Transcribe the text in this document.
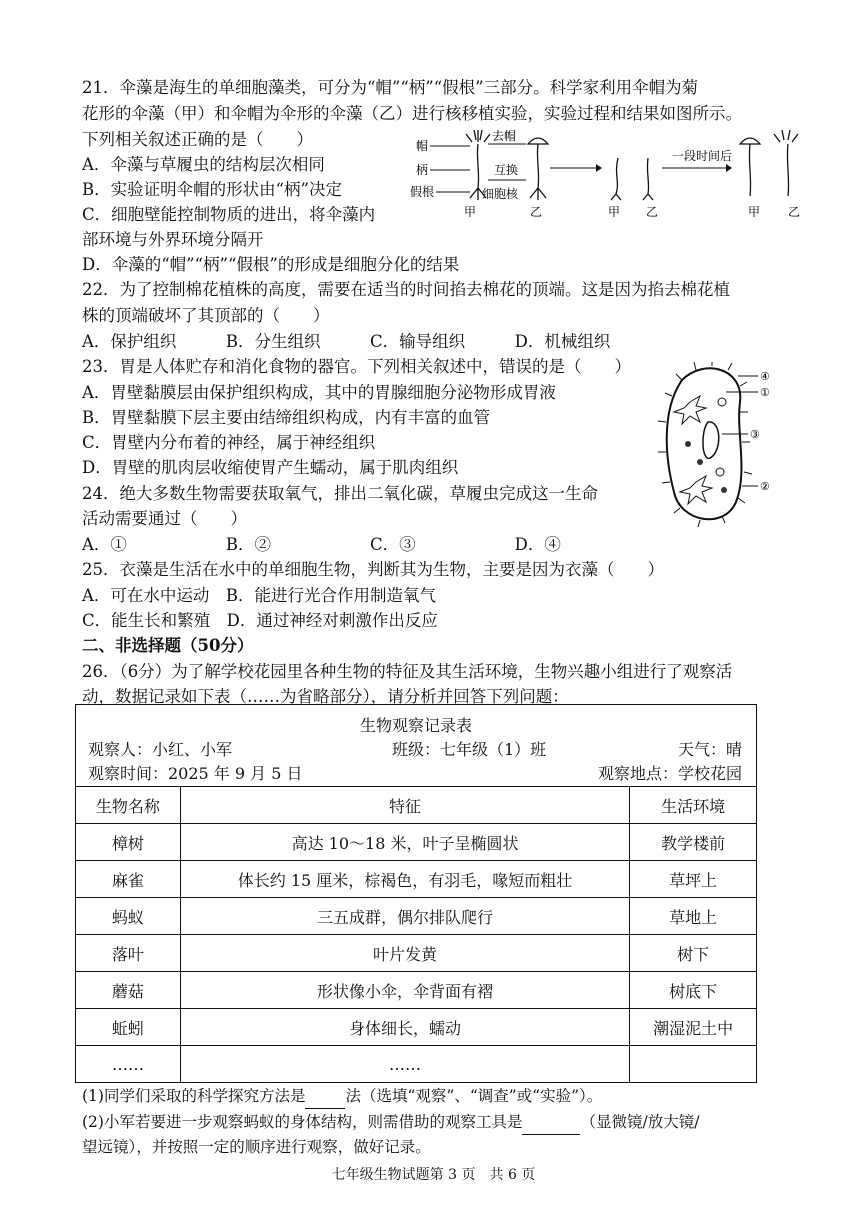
21．伞藻是海生的单细胞藻类，可分为“帽”“柄”“假根”三部分。科学家利用伞帽为菊
花形的伞藻（甲）和伞帽为伞形的伞藻（乙）进行核移植实验，实验过程和结果如图所示。
下列相关叙述正确的是（　　）
A．伞藻与草履虫的结构层次相同
B．实验证明伞帽的形状由“柄”决定
C．细胞壁能控制物质的进出，将伞藻内
部环境与外界环境分隔开
D．伞藻的“帽”“柄”“假根”的形成是细胞分化的结果
帽
柄
假根
去帽
互换
细胞核
甲	乙	甲 乙
一段时间后
甲 乙
22．为了控制棉花植株的高度，需要在适当的时间掐去棉花的顶端。这是因为掐去棉花植
株的顶端破坏了其顶部的（　　）
A．保护组织　　　B．分生组织　　　C．输导组织　　　D．机械组织
23．胃是人体贮存和消化食物的器官。下列相关叙述中，错误的是（　　）
A．胃壁黏膜层由保护组织构成，其中的胃腺细胞分泌物形成胃液
B．胃壁黏膜下层主要由结缔组织构成，内有丰富的血管
C．胃壁内分布着的神经，属于神经组织
D．胃壁的肌肉层收缩使胃产生蠕动，属于肌肉组织
24．绝大多数生物需要获取氧气，排出二氧化碳，草履虫完成这一生命
活动需要通过（　　）
A．①　　　　　　B．②　　　　　　C．③　　　　　　D．④
④
①
③
②
25．衣藻是生活在水中的单细胞生物，判断其为生物，主要是因为衣藻（　　）
A．可在水中运动　B．能进行光合作用制造氧气
C．能生长和繁殖　D．通过神经对刺激作出反应
二、非选择题（50分）
26．（6分）为了解学校花园里各种生物的特征及其生活环境，生物兴趣小组进行了观察活
动，数据记录如下表（……为省略部分），请分析并回答下列问题：
生物观察记录表
观察人：小红、小军	班级：七年级（1）班	天气：晴
观察时间：2025 年 9 月 5 日	观察地点：学校花园
生物名称	特征	生活环境
樟树	高达 10～18 米，叶子呈椭圆状	教学楼前
麻雀	体长约 15 厘米，棕褐色，有羽毛，喙短而粗壮	草坪上
蚂蚁	三五成群，偶尔排队爬行	草地上
落叶	叶片发黄	树下
蘑菇	形状像小伞，伞背面有褶	树底下
蚯蚓	身体细长，蠕动	潮湿泥土中
……	……	
(1)同学们采取的科学探究方法是	法（选填“观察”、“调查”或“实验”）。
(2)小军若要进一步观察蚂蚁的身体结构，则需借助的观察工具是	（显微镜/放大镜/
望远镜），并按照一定的顺序进行观察，做好记录。
七年级生物试题第 3 页　共 6 页
